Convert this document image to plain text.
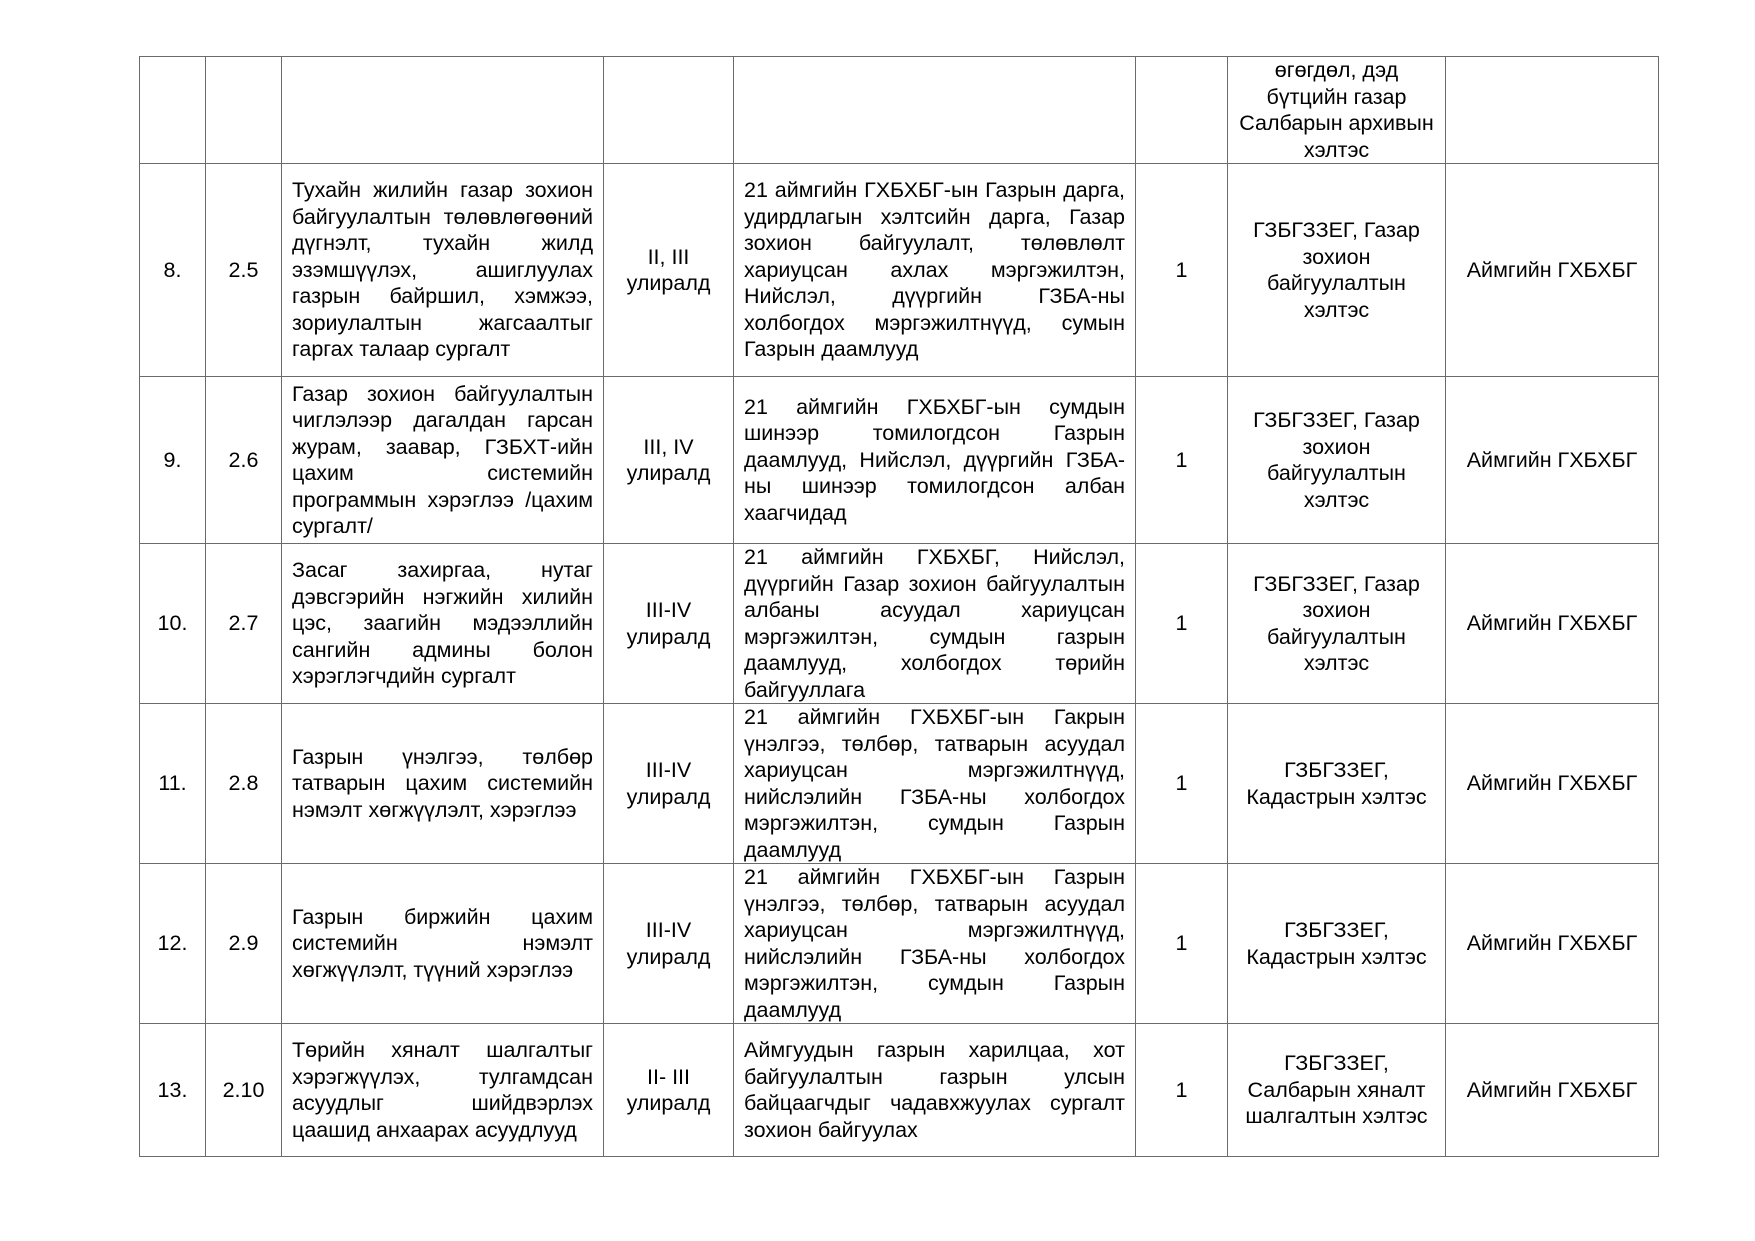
						өгөгдөл, дэд бүтцийн газар Салбарын архивын хэлтэс	
8.	2.5	Тухайн жилийн газар зохион байгуулалтын төлөвлөгөөний дүгнэлт, тухайн жилд эзэмшүүлэх, ашиглуулах газрын байршил, хэмжээ, зориулалтын жагсаалтыг гаргах талаар сургалт	II, III улиралд	21 аймгийн ГХБХБГ-ын Газрын дарга, удирдлагын хэлтсийн дарга, Газар зохион байгуулалт, төлөвлөлт хариуцсан ахлах мэргэжилтэн, Нийслэл, дүүргийн ГЗБА-ны холбогдох мэргэжилтнүүд, сумын Газрын даамлууд	1	ГЗБГЗЗЕГ, Газар зохион байгуулалтын хэлтэс	Аймгийн ГХБХБГ
9.	2.6	Газар зохион байгуулалтын чиглэлээр дагалдан гарсан журам, заавар, ГЗБХТ-ийн цахим системийн программын хэрэглээ /цахим сургалт/	III, IV улиралд	21 аймгийн ГХБХБГ-ын сумдын шинээр томилогдсон Газрын даамлууд, Нийслэл, дүүргийн ГЗБА-ны шинээр томилогдсон албан хаагчидад	1	ГЗБГЗЗЕГ, Газар зохион байгуулалтын хэлтэс	Аймгийн ГХБХБГ
10.	2.7	Засаг захиргаа, нутаг дэвсгэрийн нэгжийн хилийн цэс, заагийн мэдээллийн сангийн админы болон хэрэглэгчдийн сургалт	III-IV улиралд	21 аймгийн ГХБХБГ, Нийслэл, дүүргийн Газар зохион байгуулалтын албаны асуудал хариуцсан мэргэжилтэн, сумдын газрын даамлууд, холбогдох төрийн байгууллага	1	ГЗБГЗЗЕГ, Газар зохион байгуулалтын хэлтэс	Аймгийн ГХБХБГ
11.	2.8	Газрын үнэлгээ, төлбөр татварын цахим системийн нэмэлт хөгжүүлэлт, хэрэглээ	III-IV улиралд	21 аймгийн ГХБХБГ-ын Гакрын үнэлгээ, төлбөр, татварын асуудал хариуцсан мэргэжилтнүүд, нийслэлийн ГЗБА-ны холбогдох мэргэжилтэн, сумдын Газрын даамлууд	1	ГЗБГЗЗЕГ, Кадастрын хэлтэс	Аймгийн ГХБХБГ
12.	2.9	Газрын биржийн цахим системийн нэмэлт хөгжүүлэлт, түүний хэрэглээ	III-IV улиралд	21 аймгийн ГХБХБГ-ын Газрын үнэлгээ, төлбөр, татварын асуудал хариуцсан мэргэжилтнүүд, нийслэлийн ГЗБА-ны холбогдох мэргэжилтэн, сумдын Газрын даамлууд	1	ГЗБГЗЗЕГ, Кадастрын хэлтэс	Аймгийн ГХБХБГ
13.	2.10	Төрийн хяналт шалгалтыг хэрэгжүүлэх, тулгамдсан асуудлыг шийдвэрлэх цаашид анхаарах асуудлууд	II- III улиралд	Аймгуудын газрын харилцаа, хот байгуулалтын газрын улсын байцаагчдыг чадавхжуулах сургалт зохион байгуулах	1	ГЗБГЗЗЕГ, Салбарын хяналт шалгалтын хэлтэс	Аймгийн ГХБХБГ
